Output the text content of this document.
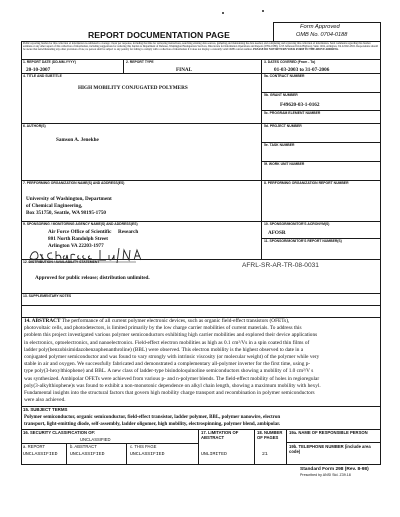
REPORT DOCUMENTATION PAGE
Form Approved
OMB No. 0704-0188
Public reporting burden for this collection of information is estimated to average 1 hour per response, including the time for reviewing instructions, searching existing data sources, gathering and maintaining the data needed, and completing and reviewing this collection of information. Send comments regarding this burden estimate or any other aspect of this collection of information, including suggestions for reducing this burden to Department of Defense, Washington Headquarters Services, Directorate for Information Operations and Reports (0704-0188), 1215 Jefferson Davis Highway, Suite 1204, Arlington, VA 22202-4302. Respondents should be aware that notwithstanding any other provision of law, no person shall be subject to any penalty for failing to comply with a collection of information if it does not display a currently valid OMB control number. PLEASE DO NOT RETURN YOUR FORM TO THE ABOVE ADDRESS.
1. REPORT DATE (DD-MM-YYYY)
20-10-2007
2. REPORT TYPE
FINAL
3. DATES COVERED (From - To)
01-03-2003 to 31-07-2006
4. TITLE AND SUBTITLE
HIGH MOBILITY CONJUGATED POLYMERS
5a. CONTRACT NUMBER
5b. GRANT NUMBER
F49620-03-1-0162
5c. PROGRAM ELEMENT NUMBER
6. AUTHOR(S)
Samson A. Jenekhe
5d. PROJECT NUMBER
5e. TASK NUMBER
5f. WORK UNIT NUMBER
7. PERFORMING ORGANIZATION NAME(S) AND ADDRESS(ES)
University of Washington, Department
of Chemical Engineering,
Box 351750, Seattle, WA 98195-1750
8. PERFORMING ORGANIZATION REPORT NUMBER
9. SPONSORING / MONITORING AGENCY NAME(S) AND ADDRESS(ES)
Air Force Office of Scientific     Research
801 North Randolph Street
Arlington VA 22203-1977
10. SPONSOR/MONITOR'S ACRONYM(S)
AFOSR
11. SPONSOR/MONITOR'S REPORT NUMBER(S)
12. DISTRIBUTION / AVAILABILITY STATEMENT
Approved for public release; distribution unlimited.
AFRL-SR-AR-TR-08-0031
13. SUPPLEMENTARY NOTES
14. ABSTRACT The performance of all current polymer electronic devices, such as organic field-effect transistors (OFETs),
photovoltaic cells, and photodetectors, is limited primarily by the low charge carrier mobilities of current materials. To address this
problem this project investigated various polymer semiconductors exhibiting high carrier mobilities and explored their device applications
in electronics, optoelectronics, and nanoelectronics. Field-effect electron mobilities as high as 0.1 cm²/Vs in a spin coated thin films of
ladder poly(benzobisimidazobenzophenanthroline) (BBL) were observed. This electron mobility is the highest observed to date in a
conjugated polymer semiconductor and was found to vary strongly with intrinsic viscosity (or molecular weight) of the polymer while very
stable in air and oxygen. We successfully fabricated and demonstrated a complementary all-polymer inverter for the first time, using p-
type poly(3-hexylthiophene) and BBL. A new class of ladder-type bisindoloquinoline semiconductors showing a mobility of 1.0 cm²/V s
was synthesized. Ambipolar OFETs were achieved from various p- and n-polymer blends. The field-effect mobility of holes in regioregular
poly(3-alkylthiophene)s was found to exhibit a non-monotonic dependence on alkyl chain length, showing a maximum mobility with hexyl.
Fundamental insights into the structural factors that govern high mobility charge transport and recombination in polymer semiconductors
were also achieved.
15. SUBJECT TERMS
Polymer semiconductor, organic semiconductor, field-effect transistor, ladder polymer, BBL, polymer nanowire, electron
transport, light-emitting diode, self-assembly, ladder oligomer, high mobility, electrospinning, polymer blend, ambipolar.
16. SECURITY CLASSIFICATION OF:
UNCLASSIFIED
a. REPORT
UNCLASSIFIED
b. ABSTRACT
UNCLASSIFIED
c. THIS PAGE
UNCLASSIFIED
17. LIMITATION OF ABSTRACT
UNLIMITED
18. NUMBER OF PAGES
21
19a. NAME OF RESPONSIBLE PERSON
19b. TELEPHONE NUMBER (include area code)
Standard Form 298 (Rev. 8-98)
Prescribed by ANSI Std. Z39.18
